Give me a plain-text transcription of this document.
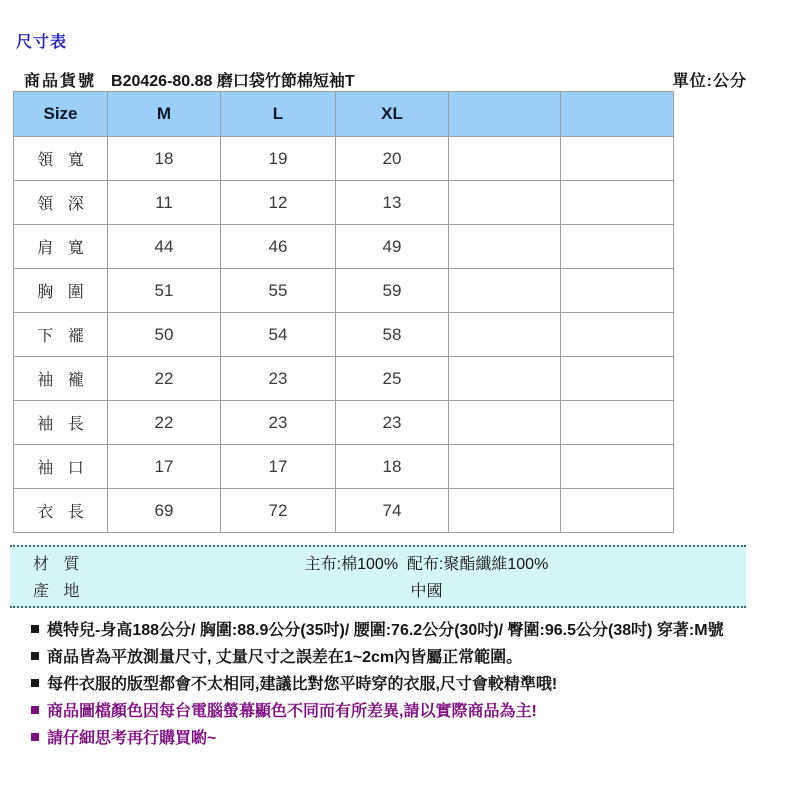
尺寸表
商品貨號 B20426-80.88 磨口袋竹節棉短袖T	單位:公分
Size	M	L	XL		
領 寬	18	19	20		
領 深	11	12	13		
肩 寬	44	46	49		
胸 圍	51	55	59		
下 襬	50	54	58		
袖 襱	22	23	25		
袖 長	22	23	23		
袖 口	17	17	18		
衣 長	69	72	74		
材 質	主布:棉100%  配布:聚酯纖維100%
產 地	中國
模特兒-身高188公分/ 胸圍:88.9公分(35吋)/ 腰圍:76.2公分(30吋)/ 臀圍:96.5公分(38吋) 穿著:M號
商品皆為平放測量尺寸, 丈量尺寸之誤差在1~2cm內皆屬正常範圍。
每件衣服的版型都會不太相同,建議比對您平時穿的衣服,尺寸會較精準哦!
商品圖檔顏色因每台電腦螢幕顯色不同而有所差異,請以實際商品為主!
請仔細思考再行購買喲~
